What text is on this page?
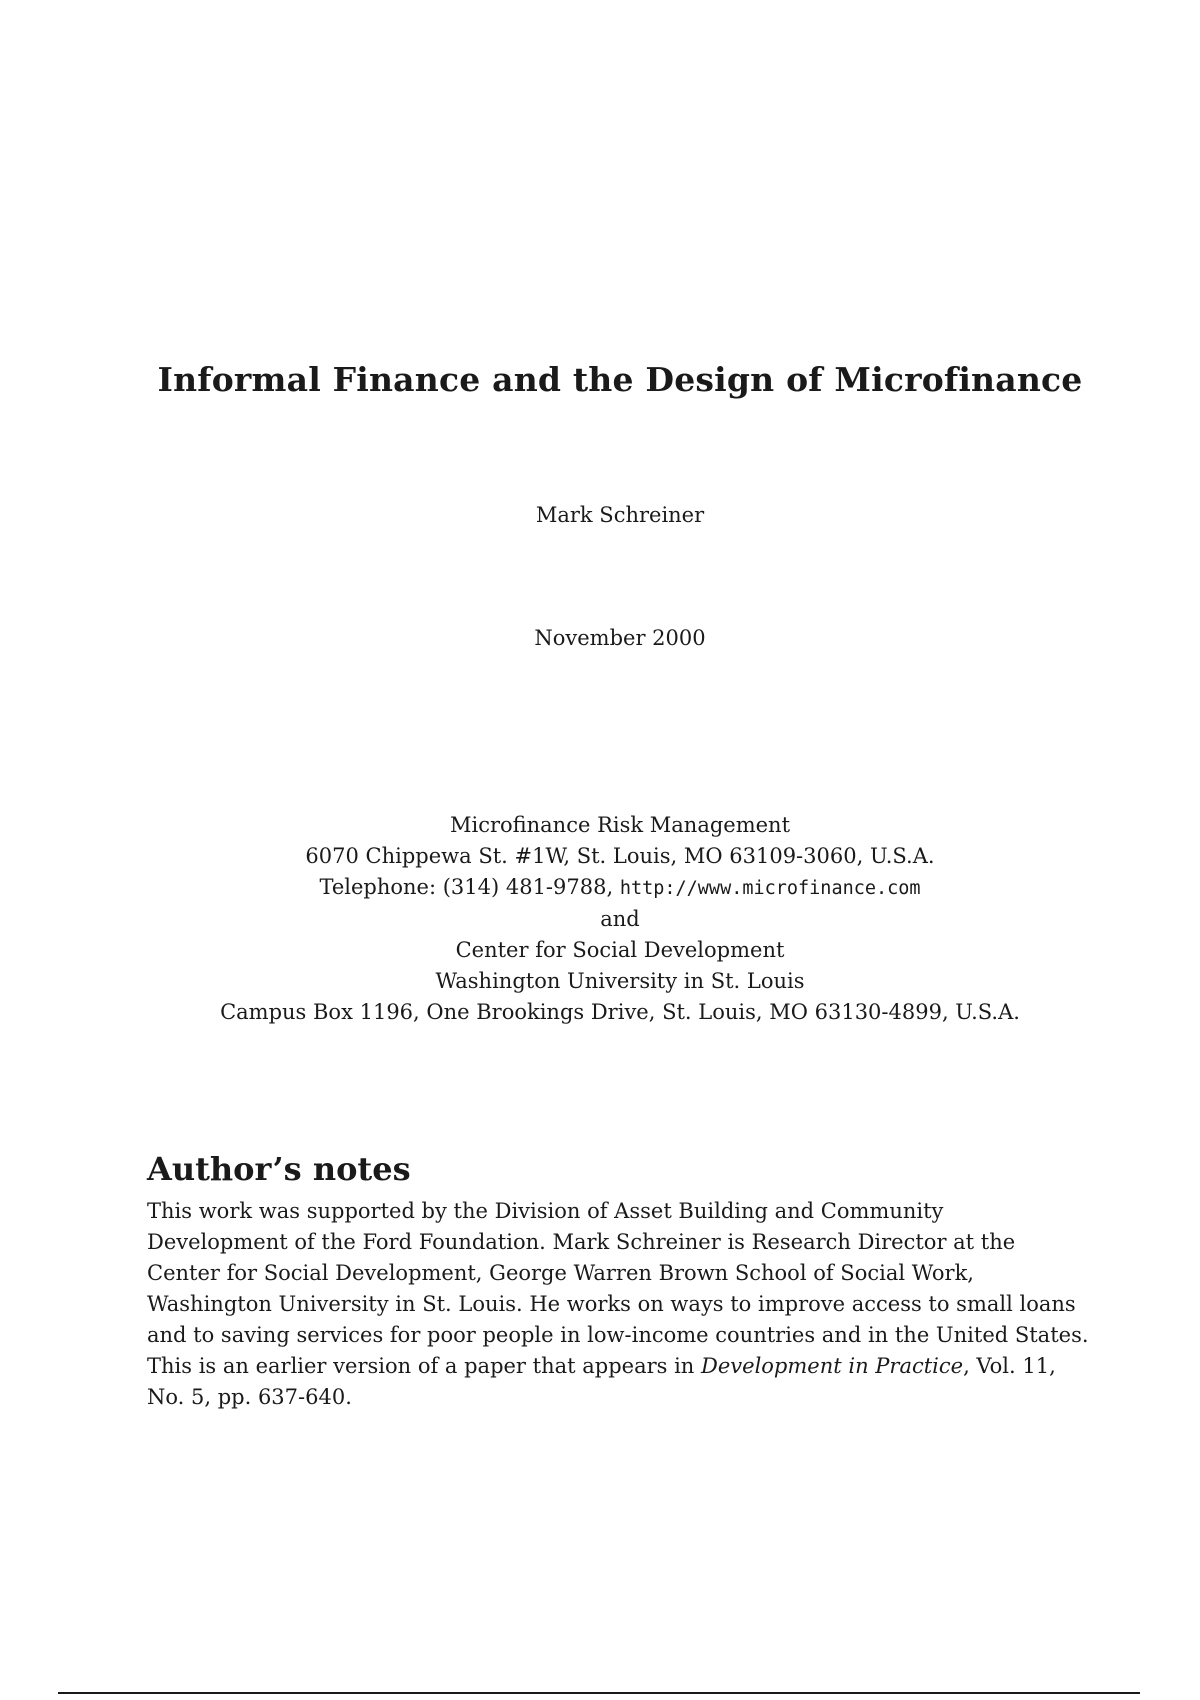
Informal Finance and the Design of Microfinance
Mark Schreiner
November 2000
Microfinance Risk Management
6070 Chippewa St. #1W, St. Louis, MO 63109-3060, U.S.A.
Telephone: (314) 481-9788, http://www.microfinance.com
and
Center for Social Development
Washington University in St. Louis
Campus Box 1196, One Brookings Drive, St. Louis, MO 63130-4899, U.S.A.
Author’s notes
This work was supported by the Division of Asset Building and Community
Development of the Ford Foundation. Mark Schreiner is Research Director at the
Center for Social Development, George Warren Brown School of Social Work,
Washington University in St. Louis. He works on ways to improve access to small loans
and to saving services for poor people in low-income countries and in the United States.
This is an earlier version of a paper that appears in Development in Practice, Vol. 11,
No. 5, pp. 637-640.
